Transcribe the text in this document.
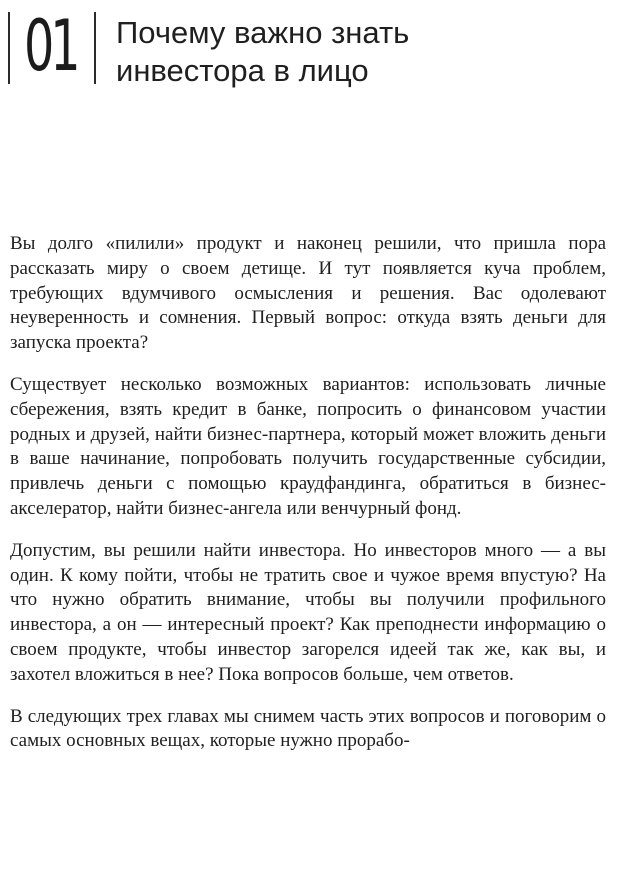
01 Почему важно знать
инвестора в лицо

Вы долго «пилили» продукт и наконец решили, что пришла пора рассказать миру о своем детище. И тут появляется куча проблем, требующих вдумчивого осмысления и решения. Вас одолевают неуверенность и сомнения. Первый вопрос: откуда взять деньги для запуска проекта?

Существует несколько возможных вариантов: использовать личные сбережения, взять кредит в банке, попросить о финансовом участии родных и друзей, найти бизнес-партнера, который может вложить деньги в ваше начинание, попробовать получить государственные субсидии, привлечь деньги с помощью краудфандинга, обратиться в бизнес-акселератор, найти бизнес-ангела или венчурный фонд.

Допустим, вы решили найти инвестора. Но инвесторов много — а вы один. К кому пойти, чтобы не тратить свое и чужое время впустую? На что нужно обратить внимание, чтобы вы получили профильного инвестора, а он — интересный проект? Как преподнести информацию о своем продукте, чтобы инвестор загорелся идеей так же, как вы, и захотел вложиться в нее? Пока вопросов больше, чем ответов.

В следующих трех главах мы снимем часть этих вопросов и поговорим о самых основных вещах, которые нужно прорабо-
